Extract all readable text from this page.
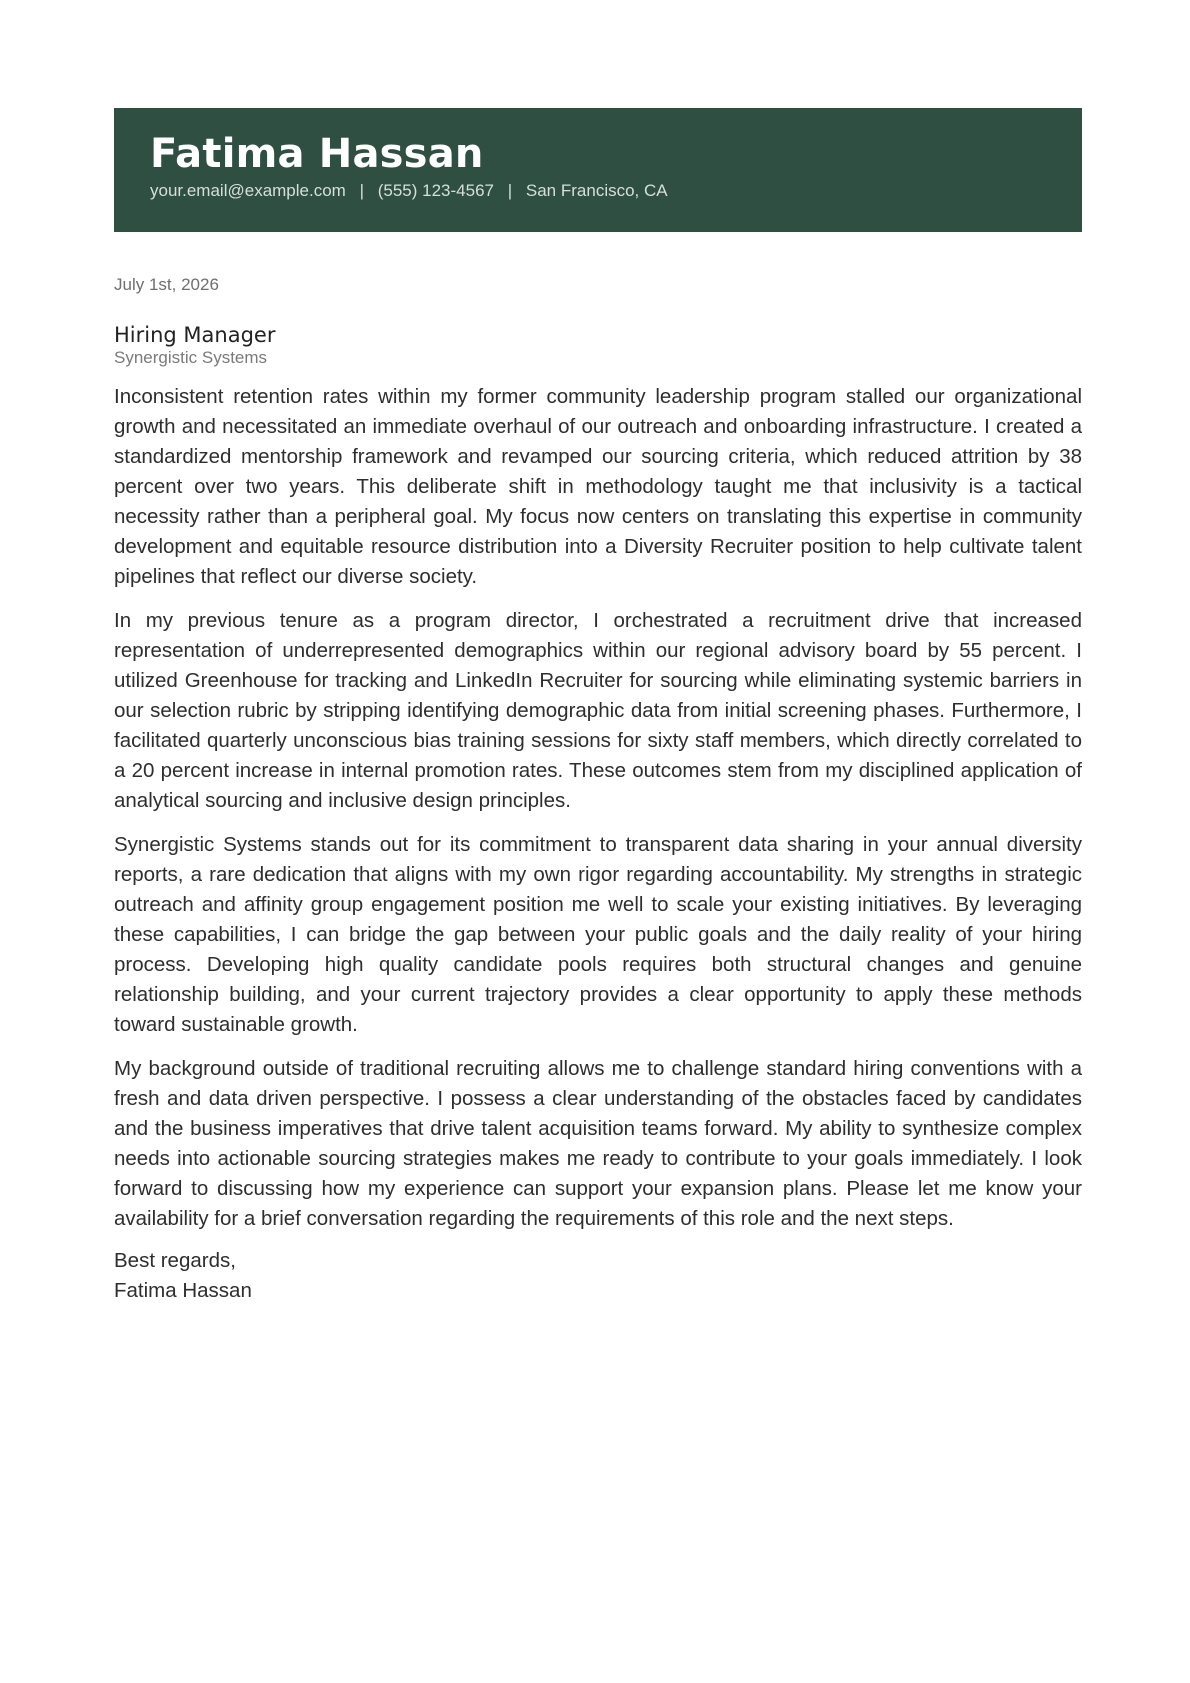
Fatima Hassan
your.email@example.com | (555) 123-4567 | San Francisco, CA

July 1st, 2026

Hiring Manager

Synergistic Systems

Inconsistent retention rates within my former community leadership program stalled our organizational growth and necessitated an immediate overhaul of our outreach and onboarding infrastructure. I created a standardized mentorship framework and revamped our sourcing criteria, which reduced attrition by 38 percent over two years. This deliberate shift in methodology taught me that inclusivity is a tactical necessity rather than a peripheral goal. My focus now centers on translating this expertise in community development and equitable resource distribution into a Diversity Recruiter position to help cultivate talent pipelines that reflect our diverse society.

In my previous tenure as a program director, I orchestrated a recruitment drive that increased representation of underrepresented demographics within our regional advisory board by 55 percent. I utilized Greenhouse for tracking and LinkedIn Recruiter for sourcing while eliminating systemic barriers in our selection rubric by stripping identifying demographic data from initial screening phases. Furthermore, I facilitated quarterly unconscious bias training sessions for sixty staff members, which directly correlated to a 20 percent increase in internal promotion rates. These outcomes stem from my disciplined application of analytical sourcing and inclusive design principles.

Synergistic Systems stands out for its commitment to transparent data sharing in your annual diversity reports, a rare dedication that aligns with my own rigor regarding accountability. My strengths in strategic outreach and affinity group engagement position me well to scale your existing initiatives. By leveraging these capabilities, I can bridge the gap between your public goals and the daily reality of your hiring process. Developing high quality candidate pools requires both structural changes and genuine relationship building, and your current trajectory provides a clear opportunity to apply these methods toward sustainable growth.

My background outside of traditional recruiting allows me to challenge standard hiring conventions with a fresh and data driven perspective. I possess a clear understanding of the obstacles faced by candidates and the business imperatives that drive talent acquisition teams forward. My ability to synthesize complex needs into actionable sourcing strategies makes me ready to contribute to your goals immediately. I look forward to discussing how my experience can support your expansion plans. Please let me know your availability for a brief conversation regarding the requirements of this role and the next steps.

Best regards,
Fatima Hassan
